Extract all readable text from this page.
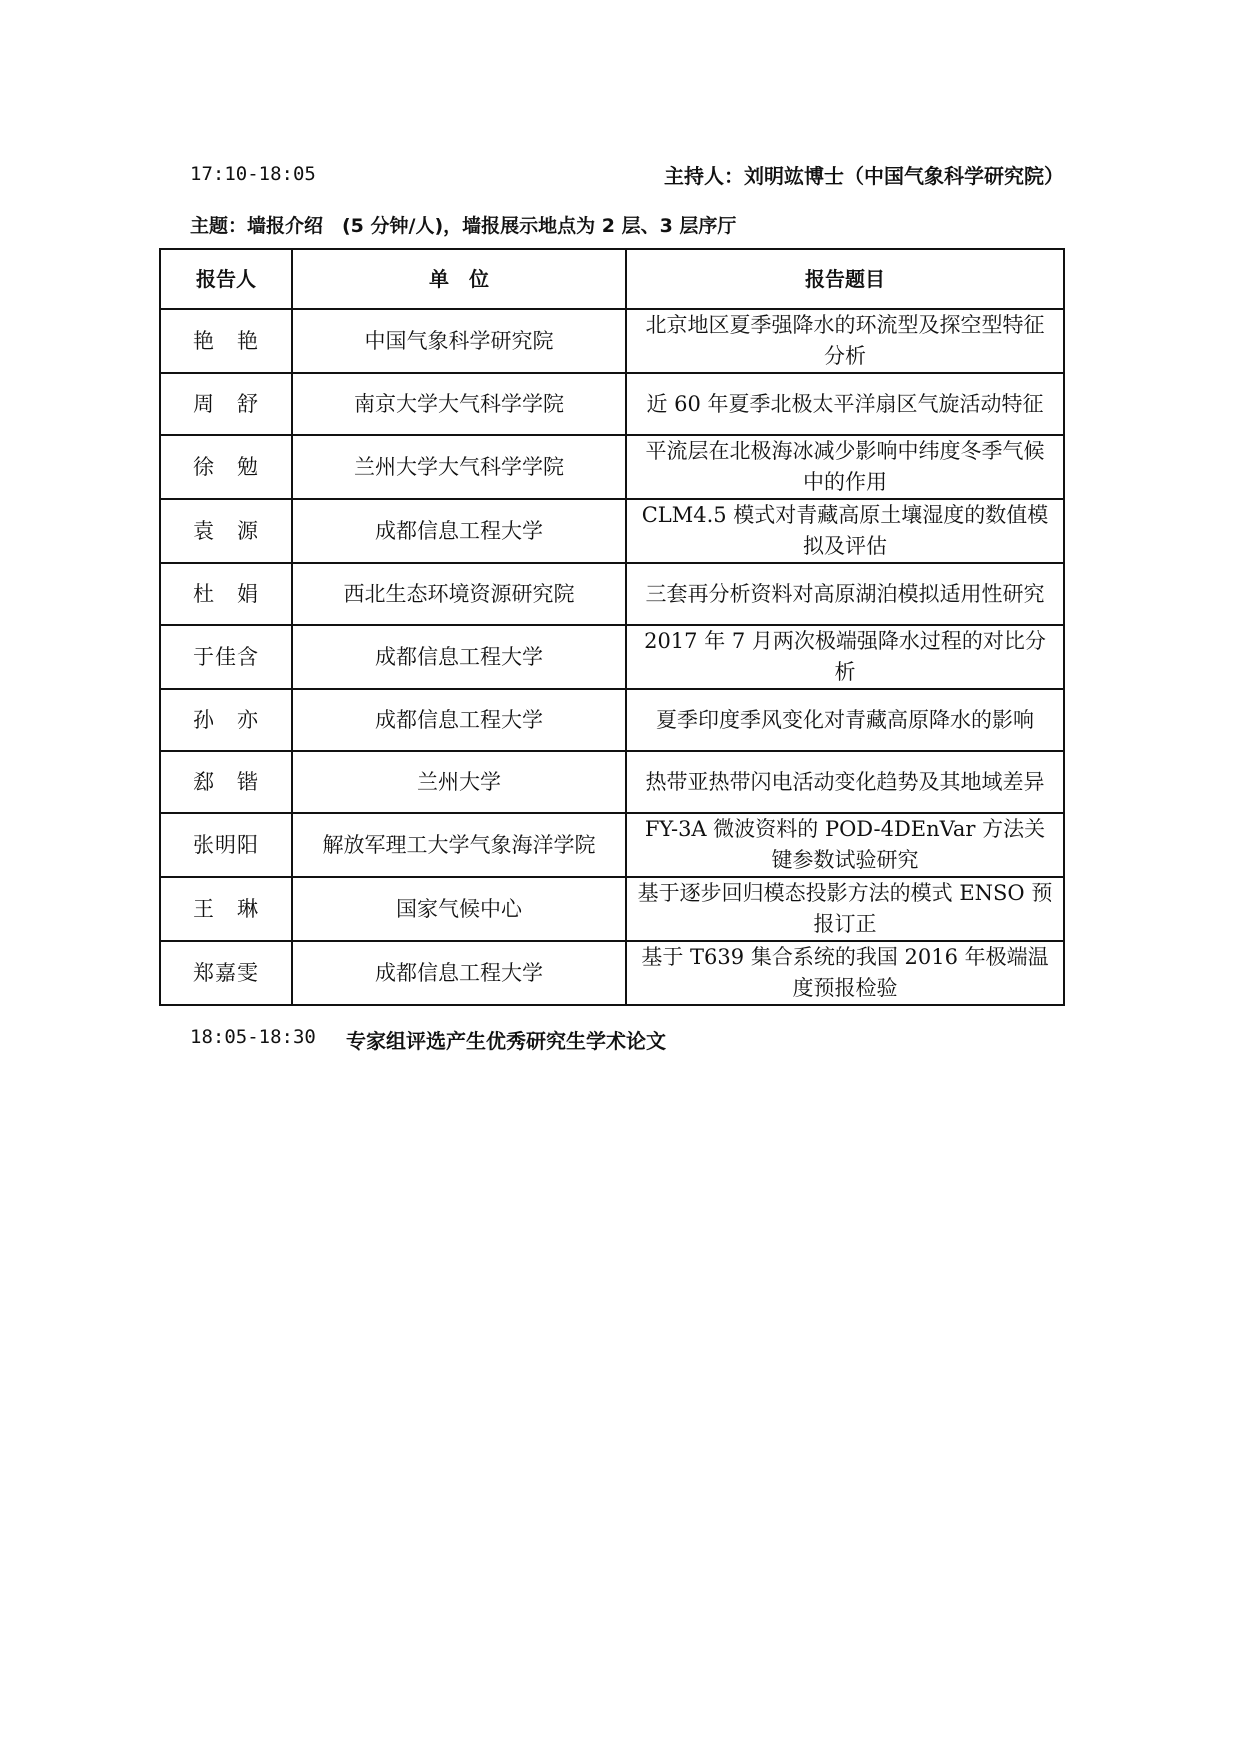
17:10-18:05	主持人：刘明竑博士（中国气象科学研究院）
主题：墙报介绍　(5 分钟/人)，墙报展示地点为 2 层、3 层序厅
报告人	单　位	报告题目
艳　艳	中国气象科学研究院	北京地区夏季强降水的环流型及探空型特征分析
周　舒	南京大学大气科学学院	近 60 年夏季北极太平洋扇区气旋活动特征
徐　勉	兰州大学大气科学学院	平流层在北极海冰减少影响中纬度冬季气候中的作用
袁　源	成都信息工程大学	CLM4.5 模式对青藏高原土壤湿度的数值模拟及评估
杜　娟	西北生态环境资源研究院	三套再分析资料对高原湖泊模拟适用性研究
于佳含	成都信息工程大学	2017 年 7 月两次极端强降水过程的对比分析
孙　亦	成都信息工程大学	夏季印度季风变化对青藏高原降水的影响
郄　锴	兰州大学	热带亚热带闪电活动变化趋势及其地域差异
张明阳	解放军理工大学气象海洋学院	FY-3A 微波资料的 POD-4DEnVar 方法关键参数试验研究
王　琳	国家气候中心	基于逐步回归模态投影方法的模式 ENSO 预报订正
郑嘉雯	成都信息工程大学	基于 T639 集合系统的我国 2016 年极端温度预报检验
18:05-18:30 专家组评选产生优秀研究生学术论文
